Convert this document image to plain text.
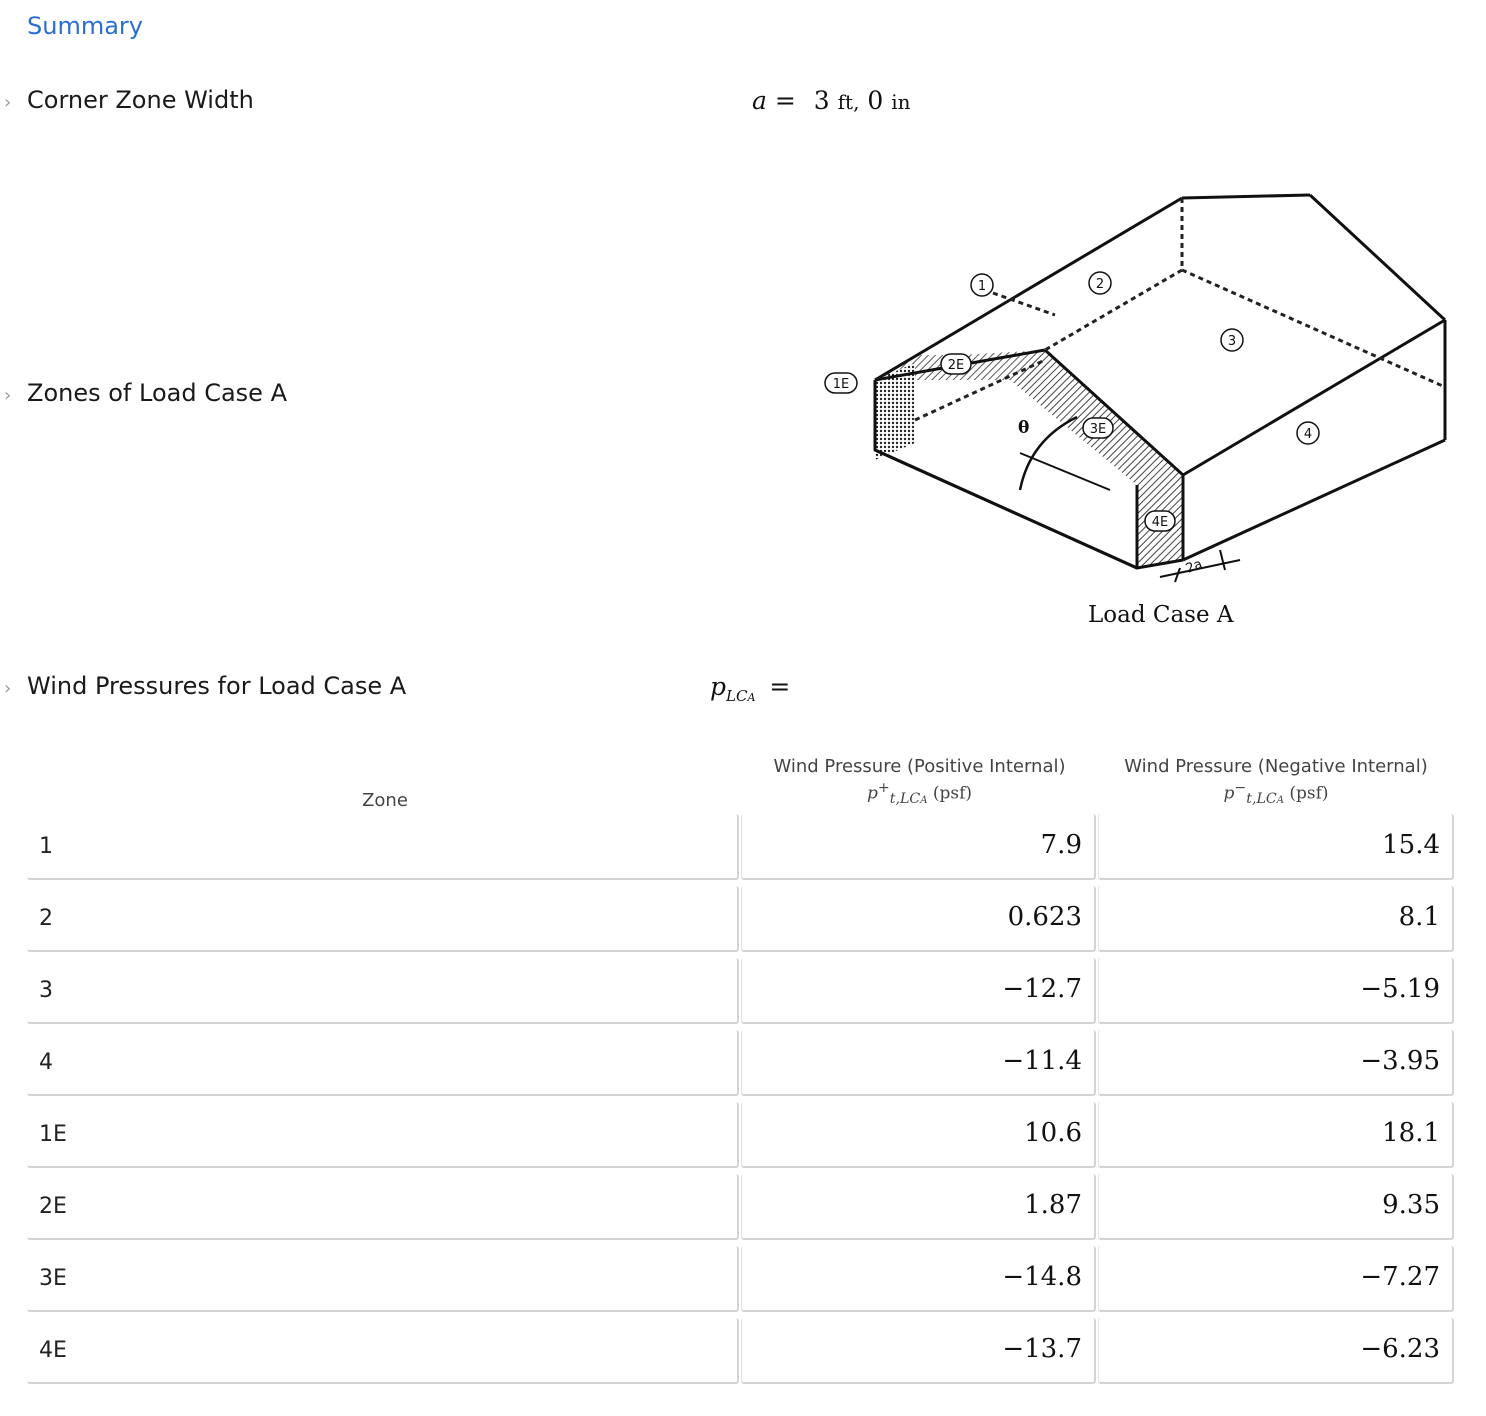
Summary
› Corner Zone Width	a = 3 ft, 0 in
› Zones of Load Case A
θ
1	2
3
4
1E
2E
3E
4E
2a
Load Case A
› Wind Pressures for Load Case A	$p_{LCA}$ =
Zone
Wind Pressure (Positive Internal)
$p^+_{t,LCA}$ (psf)
Wind Pressure (Negative Internal)
$p^-_{t,LCA}$ (psf)
1	7.9	15.4
2	0.623	8.1
3	−12.7	−5.19
4	−11.4	−3.95
1E	10.6	18.1
2E	1.87	9.35
3E	−14.8	−7.27
4E	−13.7	−6.23
